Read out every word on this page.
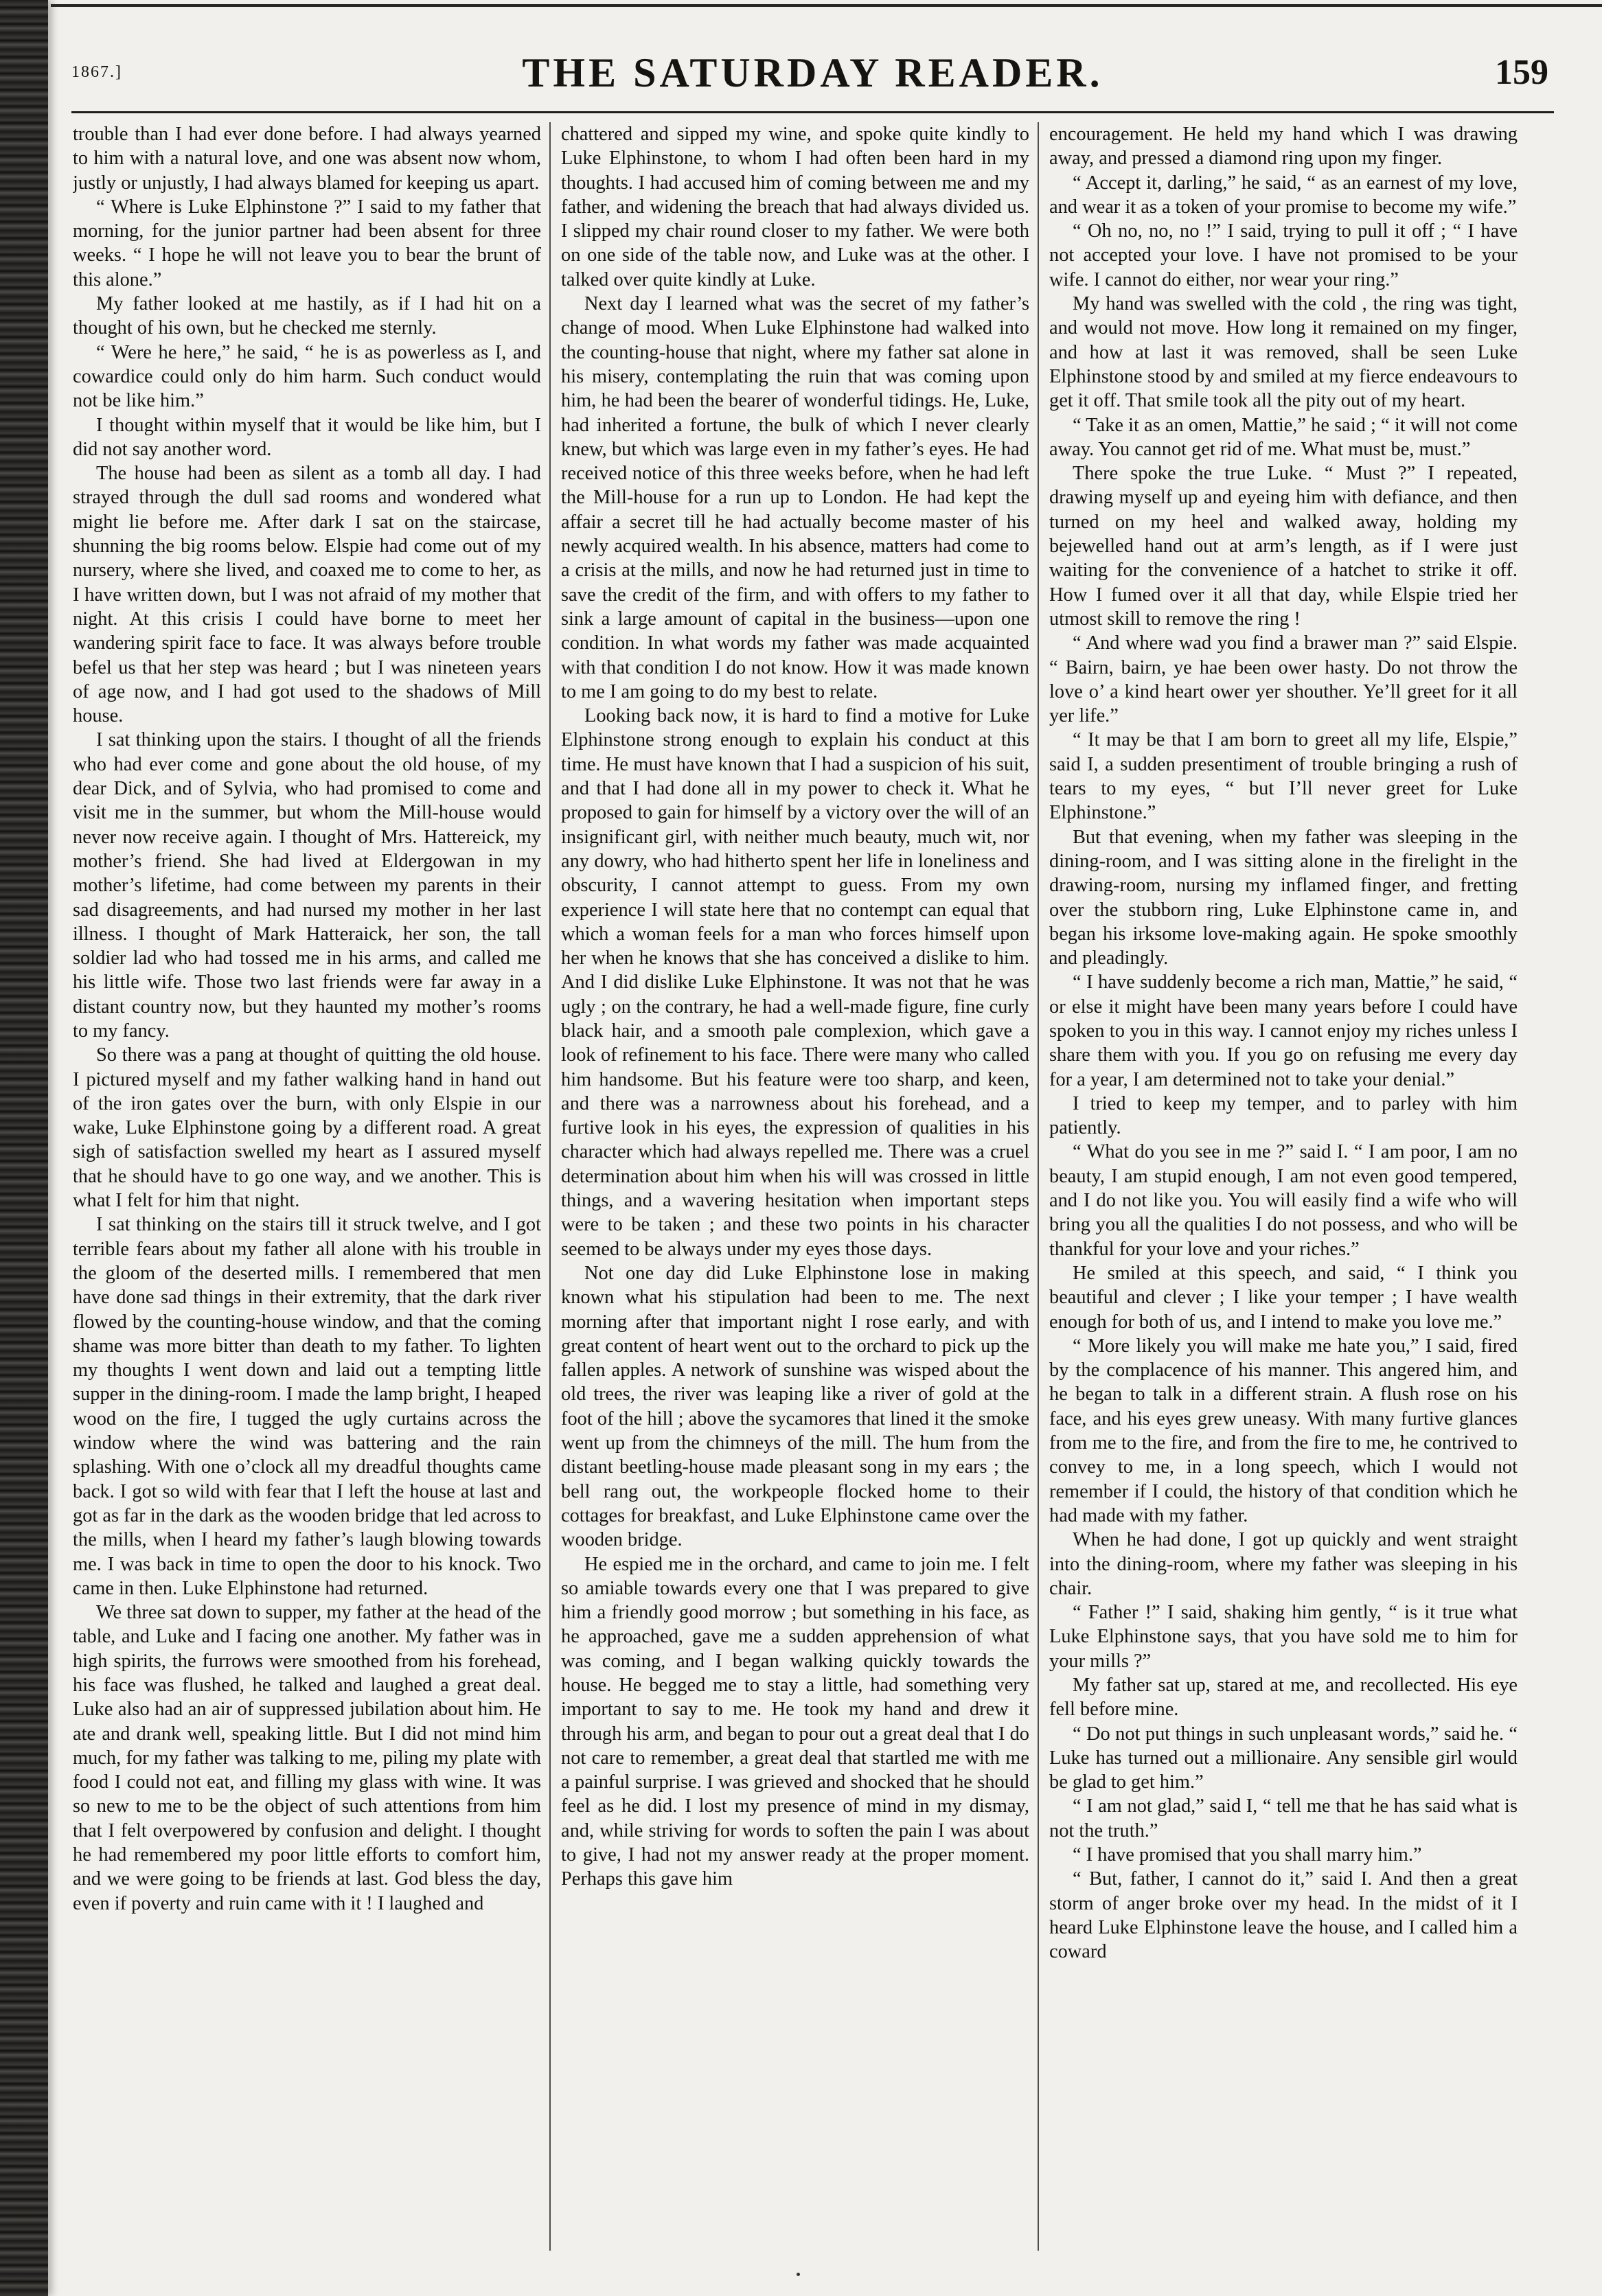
1867.]	THE SATURDAY READER.	159

trouble than I had ever done before. I had always yearned to him with a natural love, and one was absent now whom, justly or unjustly, I had always blamed for keeping us apart.

“ Where is Luke Elphinstone ?” I said to my father that morning, for the junior partner had been absent for three weeks. “ I hope he will not leave you to bear the brunt of this alone.”

My father looked at me hastily, as if I had hit on a thought of his own, but he checked me sternly.

“ Were he here,” he said, “ he is as powerless as I, and cowardice could only do him harm. Such conduct would not be like him.”

I thought within myself that it would be like him, but I did not say another word.

The house had been as silent as a tomb all day. I had strayed through the dull sad rooms and wondered what might lie before me. After dark I sat on the staircase, shunning the big rooms below. Elspie had come out of my nursery, where she lived, and coaxed me to come to her, as I have written down, but I was not afraid of my mother that night. At this crisis I could have borne to meet her wandering spirit face to face. It was always before trouble befel us that her step was heard ; but I was nineteen years of age now, and I had got used to the shadows of Mill house.

I sat thinking upon the stairs. I thought of all the friends who had ever come and gone about the old house, of my dear Dick, and of Sylvia, who had promised to come and visit me in the summer, but whom the Mill-house would never now receive again. I thought of Mrs. Hattereick, my mother’s friend. She had lived at Eldergowan in my mother’s lifetime, had come between my parents in their sad disagreements, and had nursed my mother in her last illness. I thought of Mark Hatteraick, her son, the tall soldier lad who had tossed me in his arms, and called me his little wife. Those two last friends were far away in a distant country now, but they haunted my mother’s rooms to my fancy.

So there was a pang at thought of quitting the old house. I pictured myself and my father walking hand in hand out of the iron gates over the burn, with only Elspie in our wake, Luke Elphinstone going by a different road. A great sigh of satisfaction swelled my heart as I assured myself that he should have to go one way, and we another. This is what I felt for him that night.

I sat thinking on the stairs till it struck twelve, and I got terrible fears about my father all alone with his trouble in the gloom of the deserted mills. I remembered that men have done sad things in their extremity, that the dark river flowed by the counting-house window, and that the coming shame was more bitter than death to my father. To lighten my thoughts I went down and laid out a tempting little supper in the dining-room. I made the lamp bright, I heaped wood on the fire, I tugged the ugly curtains across the window where the wind was battering and the rain splashing. With one o’clock all my dreadful thoughts came back. I got so wild with fear that I left the house at last and got as far in the dark as the wooden bridge that led across to the mills, when I heard my father’s laugh blowing towards me. I was back in time to open the door to his knock. Two came in then. Luke Elphinstone had returned.

We three sat down to supper, my father at the head of the table, and Luke and I facing one another. My father was in high spirits, the furrows were smoothed from his forehead, his face was flushed, he talked and laughed a great deal. Luke also had an air of suppressed jubilation about him. He ate and drank well, speaking little. But I did not mind him much, for my father was talking to me, piling my plate with food I could not eat, and filling my glass with wine. It was so new to me to be the object of such attentions from him that I felt overpowered by confusion and delight. I thought he had remembered my poor little efforts to comfort him, and we were going to be friends at last. God bless the day, even if poverty and ruin came with it ! I laughed and

chattered and sipped my wine, and spoke quite kindly to Luke Elphinstone, to whom I had often been hard in my thoughts. I had accused him of coming between me and my father, and widening the breach that had always divided us. I slipped my chair round closer to my father. We were both on one side of the table now, and Luke was at the other. I talked over quite kindly at Luke.

Next day I learned what was the secret of my father’s change of mood. When Luke Elphinstone had walked into the counting-house that night, where my father sat alone in his misery, contemplating the ruin that was coming upon him, he had been the bearer of wonderful tidings. He, Luke, had inherited a fortune, the bulk of which I never clearly knew, but which was large even in my father’s eyes. He had received notice of this three weeks before, when he had left the Mill-house for a run up to London. He had kept the affair a secret till he had actually become master of his newly acquired wealth. In his absence, matters had come to a crisis at the mills, and now he had returned just in time to save the credit of the firm, and with offers to my father to sink a large amount of capital in the business—upon one condition. In what words my father was made acquainted with that condition I do not know. How it was made known to me I am going to do my best to relate.

Looking back now, it is hard to find a motive for Luke Elphinstone strong enough to explain his conduct at this time. He must have known that I had a suspicion of his suit, and that I had done all in my power to check it. What he proposed to gain for himself by a victory over the will of an insignificant girl, with neither much beauty, much wit, nor any dowry, who had hitherto spent her life in loneliness and obscurity, I cannot attempt to guess. From my own experience I will state here that no contempt can equal that which a woman feels for a man who forces himself upon her when he knows that she has conceived a dislike to him. And I did dislike Luke Elphinstone. It was not that he was ugly ; on the contrary, he had a well-made figure, fine curly black hair, and a smooth pale complexion, which gave a look of refinement to his face. There were many who called him handsome. But his feature were too sharp, and keen, and there was a narrowness about his forehead, and a furtive look in his eyes, the expression of qualities in his character which had always repelled me. There was a cruel determination about him when his will was crossed in little things, and a wavering hesitation when important steps were to be taken ; and these two points in his character seemed to be always under my eyes those days.

Not one day did Luke Elphinstone lose in making known what his stipulation had been to me. The next morning after that important night I rose early, and with great content of heart went out to the orchard to pick up the fallen apples. A network of sunshine was wisped about the old trees, the river was leaping like a river of gold at the foot of the hill ; above the sycamores that lined it the smoke went up from the chimneys of the mill. The hum from the distant beetling-house made pleasant song in my ears ; the bell rang out, the workpeople flocked home to their cottages for breakfast, and Luke Elphinstone came over the wooden bridge.

He espied me in the orchard, and came to join me. I felt so amiable towards every one that I was prepared to give him a friendly good morrow ; but something in his face, as he approached, gave me a sudden apprehension of what was coming, and I began walking quickly towards the house. He begged me to stay a little, had something very important to say to me. He took my hand and drew it through his arm, and began to pour out a great deal that I do not care to remember, a great deal that startled me with me a painful surprise. I was grieved and shocked that he should feel as he did. I lost my presence of mind in my dismay, and, while striving for words to soften the pain I was about to give, I had not my answer ready at the proper moment. Perhaps this gave him

encouragement. He held my hand which I was drawing away, and pressed a diamond ring upon my finger.

“ Accept it, darling,” he said, “ as an earnest of my love, and wear it as a token of your promise to become my wife.”

“ Oh no, no, no !” I said, trying to pull it off ; “ I have not accepted your love. I have not promised to be your wife. I cannot do either, nor wear your ring.”

My hand was swelled with the cold , the ring was tight, and would not move. How long it remained on my finger, and how at last it was removed, shall be seen Luke Elphinstone stood by and smiled at my fierce endeavours to get it off. That smile took all the pity out of my heart.

“ Take it as an omen, Mattie,” he said ; “ it will not come away. You cannot get rid of me. What must be, must.”

There spoke the true Luke. “ Must ?” I repeated, drawing myself up and eyeing him with defiance, and then turned on my heel and walked away, holding my bejewelled hand out at arm’s length, as if I were just waiting for the convenience of a hatchet to strike it off. How I fumed over it all that day, while Elspie tried her utmost skill to remove the ring !

“ And where wad you find a brawer man ?” said Elspie. “ Bairn, bairn, ye hae been ower hasty. Do not throw the love o’ a kind heart ower yer shouther. Ye’ll greet for it all yer life.”

“ It may be that I am born to greet all my life, Elspie,” said I, a sudden presentiment of trouble bringing a rush of tears to my eyes, “ but I’ll never greet for Luke Elphinstone.”

But that evening, when my father was sleeping in the dining-room, and I was sitting alone in the firelight in the drawing-room, nursing my inflamed finger, and fretting over the stubborn ring, Luke Elphinstone came in, and began his irksome love-making again. He spoke smoothly and pleadingly.

“ I have suddenly become a rich man, Mattie,” he said, “ or else it might have been many years before I could have spoken to you in this way. I cannot enjoy my riches unless I share them with you. If you go on refusing me every day for a year, I am determined not to take your denial.”

I tried to keep my temper, and to parley with him patiently.

“ What do you see in me ?” said I. “ I am poor, I am no beauty, I am stupid enough, I am not even good tempered, and I do not like you. You will easily find a wife who will bring you all the qualities I do not possess, and who will be thankful for your love and your riches.”

He smiled at this speech, and said, “ I think you beautiful and clever ; I like your temper ; I have wealth enough for both of us, and I intend to make you love me.”

“ More likely you will make me hate you,” I said, fired by the complacence of his manner. This angered him, and he began to talk in a different strain. A flush rose on his face, and his eyes grew uneasy. With many furtive glances from me to the fire, and from the fire to me, he contrived to convey to me, in a long speech, which I would not remember if I could, the history of that condition which he had made with my father.

When he had done, I got up quickly and went straight into the dining-room, where my father was sleeping in his chair.

“ Father !” I said, shaking him gently, “ is it true what Luke Elphinstone says, that you have sold me to him for your mills ?”

My father sat up, stared at me, and recollected. His eye fell before mine.

“ Do not put things in such unpleasant words,” said he. “ Luke has turned out a millionaire. Any sensible girl would be glad to get him.”

“ I am not glad,” said I, “ tell me that he has said what is not the truth.”

“ I have promised that you shall marry him.”

“ But, father, I cannot do it,” said I. And then a great storm of anger broke over my head. In the midst of it I heard Luke Elphinstone leave the house, and I called him a coward
